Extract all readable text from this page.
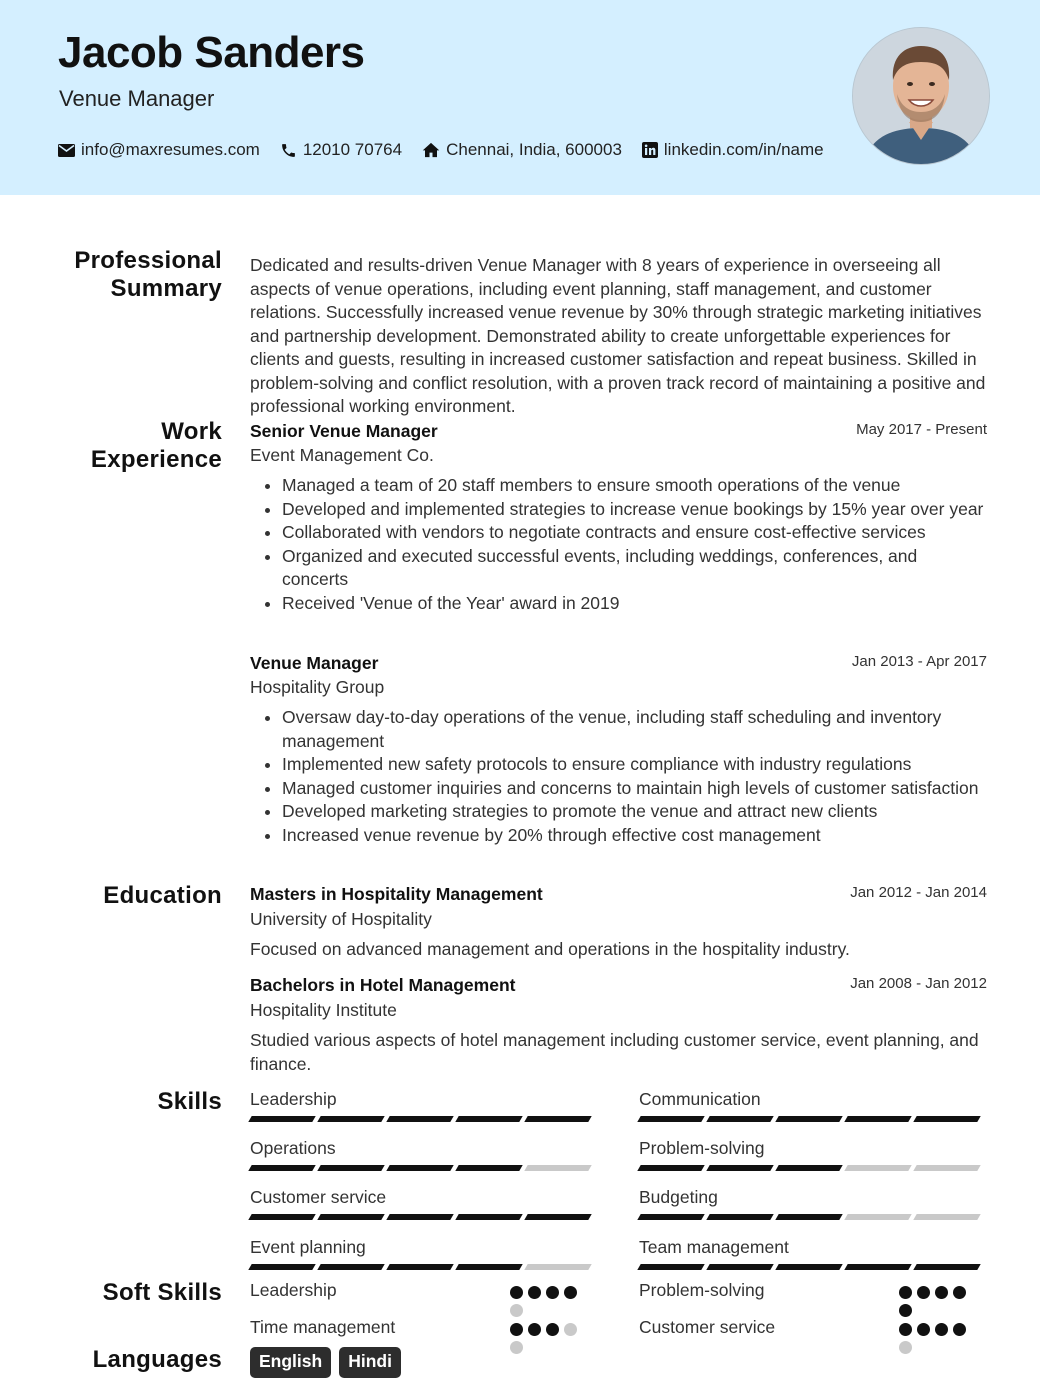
Jacob Sanders
Venue Manager
info@maxresumes.com	12010 70764	Chennai, India, 600003 linkedin.com/in/name
Professional
Summary
Dedicated and results-driven Venue Manager with 8 years of experience in overseeing all aspects of venue operations, including event planning, staff management, and customer relations. Successfully increased venue revenue by 30% through strategic marketing initiatives and partnership development. Demonstrated ability to create unforgettable experiences for clients and guests, resulting in increased customer satisfaction and repeat business. Skilled in problem-solving and conflict resolution, with a proven track record of maintaining a positive and professional working environment.
Work
Experience
Senior Venue Manager	May 2017 - Present
Event Management Co.
• Managed a team of 20 staff members to ensure smooth operations of the venue
• Developed and implemented strategies to increase venue bookings by 15% year over year
• Collaborated with vendors to negotiate contracts and ensure cost-effective services
• Organized and executed successful events, including weddings, conferences, and concerts
• Received 'Venue of the Year' award in 2019
Venue Manager	Jan 2013 - Apr 2017
Hospitality Group
• Oversaw day-to-day operations of the venue, including staff scheduling and inventory management
• Implemented new safety protocols to ensure compliance with industry regulations
• Managed customer inquiries and concerns to maintain high levels of customer satisfaction
• Developed marketing strategies to promote the venue and attract new clients
• Increased venue revenue by 20% through effective cost management
Education Masters in Hospitality Management	Jan 2012 - Jan 2014
University of Hospitality
Focused on advanced management and operations in the hospitality industry.
Bachelors in Hotel Management	Jan 2008 - Jan 2012
Hospitality Institute
Studied various aspects of hotel management including customer service, event planning, and finance.
Skills Leadership	Communication
Operations	Problem-solving
Customer service	Budgeting
Event planning	Team management
Soft Skills Leadership	Problem-solving
Time management	Customer service
Languages	English	Hindi
